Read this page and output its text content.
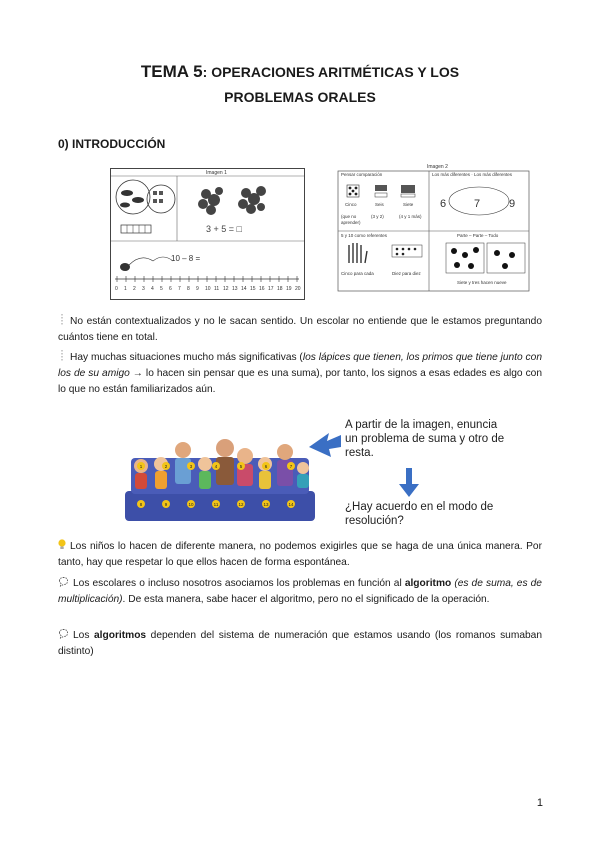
TEMA 5: OPERACIONES ARITMÉTICAS Y LOS
PROBLEMAS ORALES
0) INTRODUCCIÓN
Imagen 1
3 + 5 = □
10 – 8 =
0 1 2 3 4 5 6 7 8 9 10 11 12 13 14 15 16 17 18 19 20
Imagen 2
Pensar comparación
Cinco	Seis	Siete
(que no	(3 y 2)	(4 y 1 más)
aprender)
Los más diferentes · Los más diferentes
6	7	9
5 y 10 como referentes
Cinco para cada	Diez para diez
Parte – Parte – Todo
Siete y tres hacen nueve
No están contextualizados y no le sacan sentido. Un escolar no entiende que le estamos preguntando cuántos tiene en total.
Hay muchas situaciones mucho más significativas (los lápices que tienen, los primos que tiene junto con los de su amigo → lo hacen sin pensar que es una suma), por tanto, los signos a esas edades es algo con lo que no están familiarizados aún.
1	2	3	4	5	6	7
8	9	10	11	12	13	14
A partir de la imagen, enuncia un problema de suma y otro de resta.
¿Hay acuerdo en el modo de resolución?
Los niños lo hacen de diferente manera, no podemos exigirles que se haga de una única manera. Por tanto, hay que respetar lo que ellos hacen de forma espontánea.
Los escolares o incluso nosotros asociamos los problemas en función al algoritmo (es de suma, es de multiplicación). De esta manera, sabe hacer el algoritmo, pero no el significado de la operación.
Los algoritmos dependen del sistema de numeración que estamos usando (los romanos sumaban distinto)
1
